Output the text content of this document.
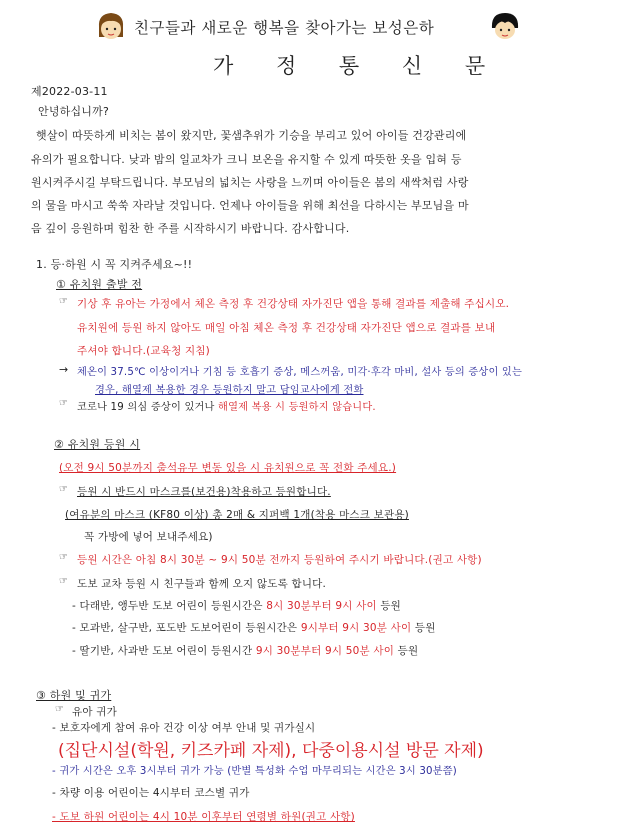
친구들과 새로운 행복을 찾아가는 보성은하
가 정 통 신 문
제2022-03-11
안녕하십니까?
햇살이 따뜻하게 비치는 봄이 왔지만, 꽃샘추위가 기승을 부리고 있어 아이들 건강관리에
유의가 필요합니다. 낮과 밤의 일교차가 크니 보온을 유지할 수 있게 따뜻한 옷을 입혀 등
원시켜주시길 부탁드립니다. 부모님의 넓치는 사랑을 느끼며 아이들은 봄의 새싹처럼 사랑
의 물을 마시고 쑥쑥 자라날 것입니다. 언제나 아이들을 위해 최선을 다하시는 부모님을 마
음 깊이 응원하며 힘찬 한 주를 시작하시기 바랍니다. 감사합니다.
1. 등·하원 시 꼭 지켜주세요~!!
① 유치원 출발 전
☞ 기상 후 유아는 가정에서 체온 측정 후 건강상태 자가진단 앱을 통해 결과를 제출해 주십시오.
유치원에 등원 하지 않아도 매일 아침 체온 측정 후 건강상태 자가진단 앱으로 결과를 보내
주셔야 합니다.(교육청 지침)
→ 체온이 37.5℃ 이상이거나 기침 등 호흡기 증상, 메스꺼움, 미각·후각 마비, 설사 등의 증상이 있는
경우, 해열제 복용한 경우 등원하지 말고 담임교사에게 전화
☞ 코로나 19 의심 증상이 있거나 해열제 복용 시 등원하지 않습니다.
② 유치원 등원 시
(오전 9시 50분까지 출석유무 변동 있을 시 유치원으로 꼭 전화 주세요.)
☞ 등원 시 반드시 마스크를(보건용)착용하고 등원합니다.
(여유분의 마스크 (KF80 이상) 총 2매 & 지퍼백 1개(착용 마스크 보관용)
꼭 가방에 넣어 보내주세요)
☞ 등원 시간은 아침 8시 30분 ~ 9시 50분 전까지 등원하여 주시기 바랍니다.(권고 사항)
☞ 도보 교차 등원 시 친구들과 함께 오지 않도록 합니다.
- 다래반, 앵두반 도보 어린이 등원시간은 8시 30분부터 9시 사이 등원
- 모과반, 살구반, 포도반 도보어린이 등원시간은 9시부터 9시 30분 사이 등원
- 딸기반, 사과반 도보 어린이 등원시간 9시 30분부터 9시 50분 사이 등원
③ 하원 및 귀가
☞ 유아 귀가
- 보호자에게 참여 유아 건강 이상 여부 안내 및 귀가실시
(집단시설(학원, 키즈카페 자제), 다중이용시설 방문 자제)
- 귀가 시간은 오후 3시부터 귀가 가능 (반별 특성화 수업 마무리되는 시간은 3시 30분쯤)
- 차량 이용 어린이는 4시부터 코스별 귀가
- 도보 하원 어린이는 4시 10분 이후부터 연령별 하원(권고 사항)
